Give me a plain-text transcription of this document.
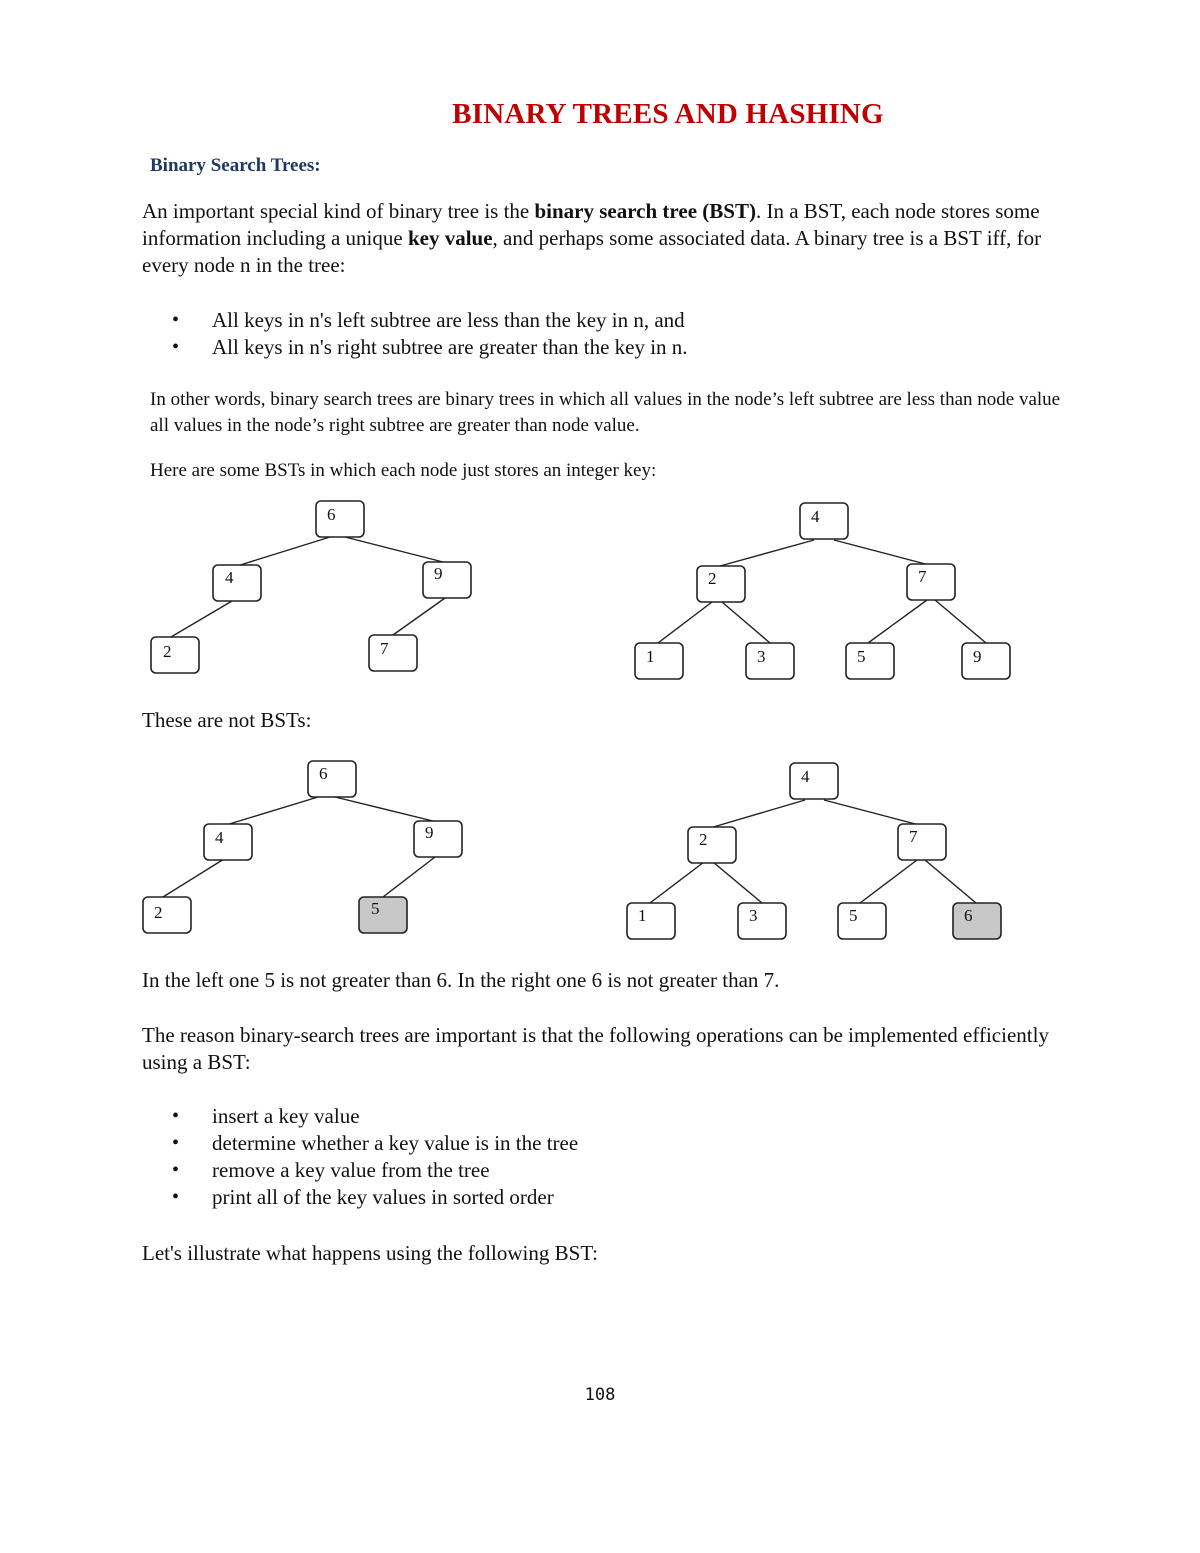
BINARY TREES AND HASHING
Binary Search Trees:
An important special kind of binary tree is the binary search tree (BST). In a BST, each node stores some information including a unique key value, and perhaps some associated data. A binary tree is a BST iff, for every node n in the tree:
• All keys in n's left subtree are less than the key in n, and
• All keys in n's right subtree are greater than the key in n.
In other words, binary search trees are binary trees in which all values in the node’s left subtree are less than node value all values in the node’s right subtree are greater than node value.
Here are some BSTs in which each node just stores an integer key:
6
4	9
2	7
4
2	7
1	3	5	9
6
4	9
2	5
4
2	7
1	3	5	6
These are not BSTs:
In the left one 5 is not greater than 6. In the right one 6 is not greater than 7.
The reason binary-search trees are important is that the following operations can be implemented efficiently using a BST:
• insert a key value
• determine whether a key value is in the tree
• remove a key value from the tree
• print all of the key values in sorted order
Let's illustrate what happens using the following BST:
108
